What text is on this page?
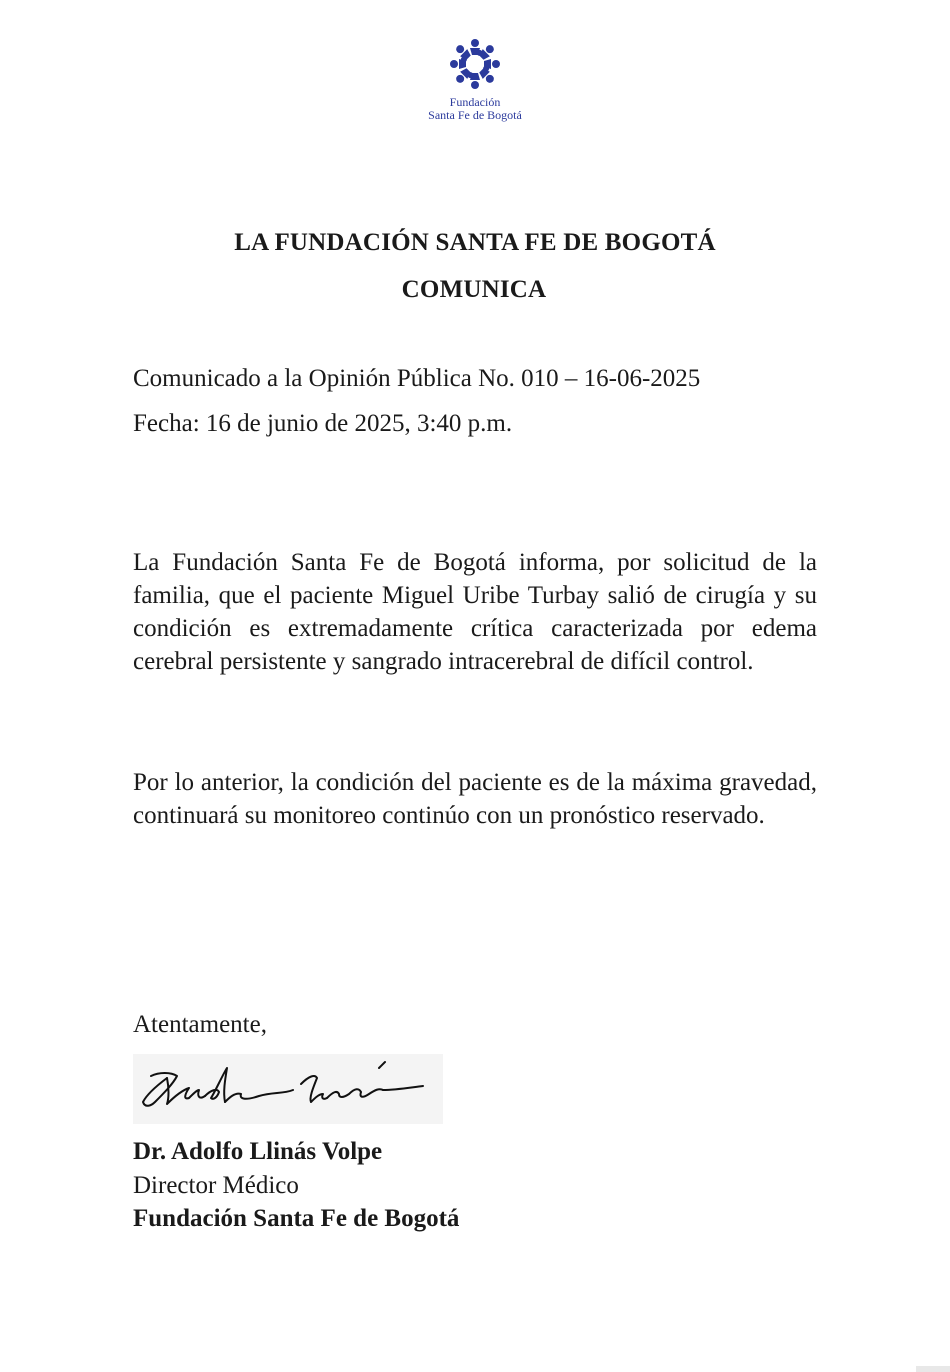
Fundación
Santa Fe de Bogotá
LA FUNDACIÓN SANTA FE DE BOGOTÁ
COMUNICA
Comunicado a la Opinión Pública No. 010 – 16-06-2025
Fecha: 16 de junio de 2025, 3:40 p.m.
La Fundación Santa Fe de Bogotá informa, por solicitud de la familia, que el paciente Miguel Uribe Turbay salió de cirugía y su condición es extremadamente crítica caracterizada por edema cerebral persistente y sangrado intracerebral de difícil control.
Por lo anterior, la condición del paciente es de la máxima gravedad, continuará su monitoreo continúo con un pronóstico reservado.
Atentamente,
Dr. Adolfo Llinás Volpe
Director Médico
Fundación Santa Fe de Bogotá
